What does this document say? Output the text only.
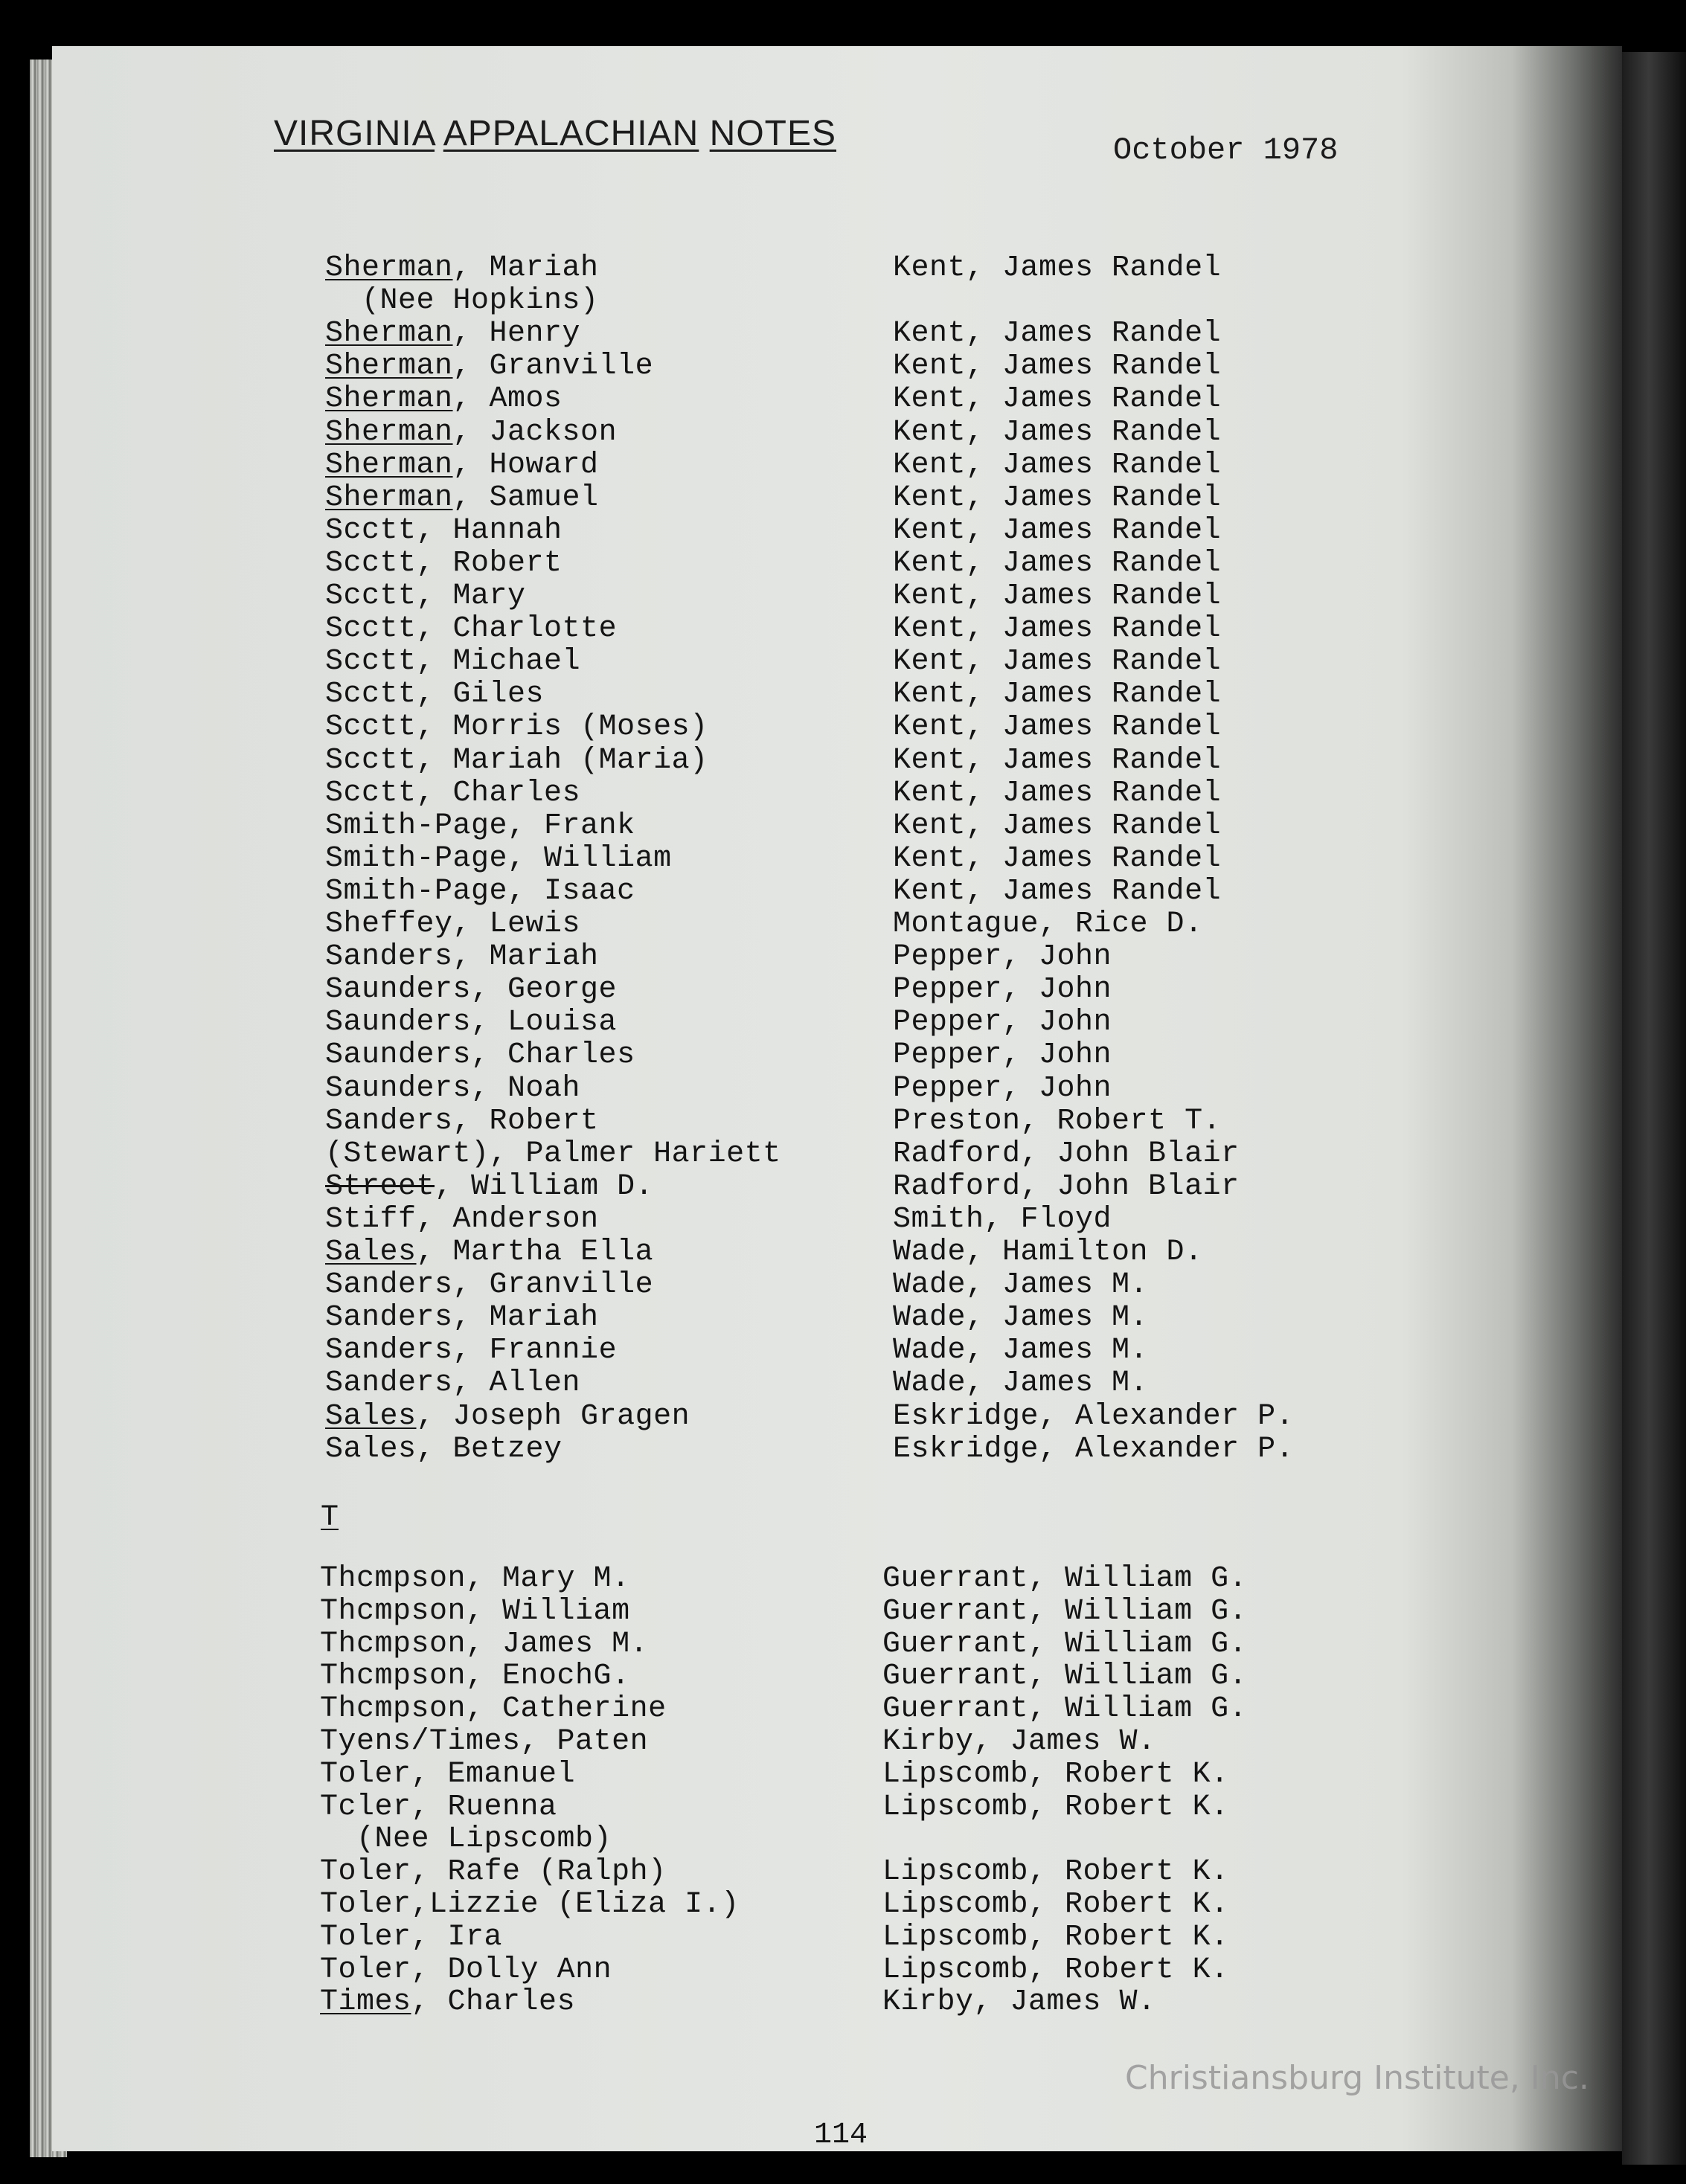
VIRGINIA APPALACHIAN NOTES	October 1978
Sherman, Mariah	Kent, James Randel
(Nee Hopkins)
Sherman, Henry	Kent, James Randel
Sherman, Granville	Kent, James Randel
Sherman, Amos	Kent, James Randel
Sherman, Jackson	Kent, James Randel
Sherman, Howard	Kent, James Randel
Sherman, Samuel	Kent, James Randel
Scctt, Hannah	Kent, James Randel
Scctt, Robert	Kent, James Randel
Scctt, Mary	Kent, James Randel
Scctt, Charlotte	Kent, James Randel
Scctt, Michael	Kent, James Randel
Scctt, Giles	Kent, James Randel
Scctt, Morris (Moses)	Kent, James Randel
Scctt, Mariah (Maria)	Kent, James Randel
Scctt, Charles	Kent, James Randel
Smith-Page, Frank	Kent, James Randel
Smith-Page, William	Kent, James Randel
Smith-Page, Isaac	Kent, James Randel
Sheffey, Lewis	Montague, Rice D.
Sanders, Mariah	Pepper, John
Saunders, George	Pepper, John
Saunders, Louisa	Pepper, John
Saunders, Charles	Pepper, John
Saunders, Noah	Pepper, John
Sanders, Robert	Preston, Robert T.
(Stewart), Palmer Hariett	Radford, John Blair
Street, William D.	Radford, John Blair
Stiff, Anderson	Smith, Floyd
Sales, Martha Ella	Wade, Hamilton D.
Sanders, Granville	Wade, James M.
Sanders, Mariah	Wade, James M.
Sanders, Frannie	Wade, James M.
Sanders, Allen	Wade, James M.
Sales, Joseph Gragen	Eskridge, Alexander P.
Sales, Betzey	Eskridge, Alexander P.
T
Thcmpson, Mary M.	Guerrant, William G.
Thcmpson, William	Guerrant, William G.
Thcmpson, James M.	Guerrant, William G.
Thcmpson, EnochG.	Guerrant, William G.
Thcmpson, Catherine	Guerrant, William G.
Tyens/Times, Paten	Kirby, James W.
Toler, Emanuel	Lipscomb, Robert K.
Tcler, Ruenna	Lipscomb, Robert K.
(Nee Lipscomb)
Toler, Rafe (Ralph)	Lipscomb, Robert K.
Toler,Lizzie (Eliza I.)	Lipscomb, Robert K.
Toler, Ira	Lipscomb, Robert K.
Toler, Dolly Ann	Lipscomb, Robert K.
Times, Charles	Kirby, James W.
114
Christiansburg Institute, Inc.
